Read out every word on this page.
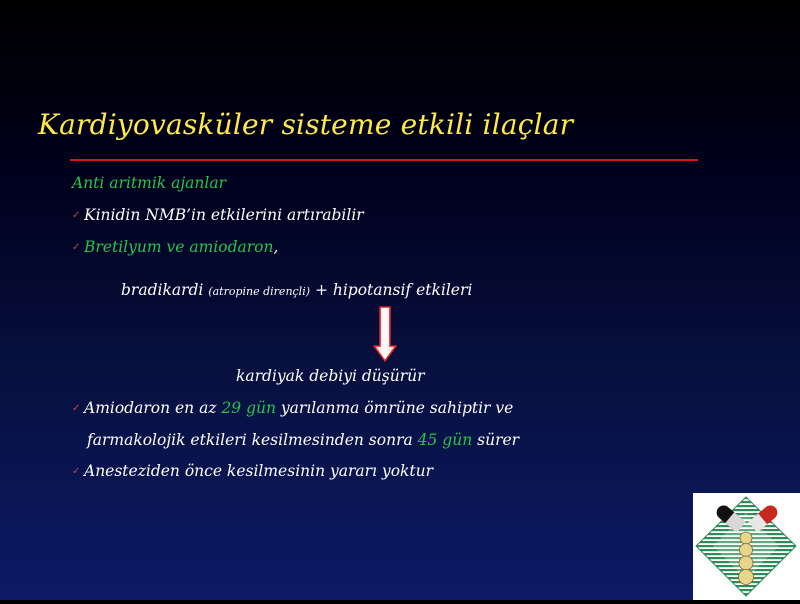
Kardiyovasküler sisteme etkili ilaçlar
Anti aritmik ajanlar
✓ Kinidin NMB’in etkilerini artırabilir
✓ Bretilyum ve amiodaron,
bradikardi (atropine dirençli) + hipotansif etkileri
kardiyak debiyi düşürür
✓ Amiodaron en az 29 gün yarılanma ömrüne sahiptir ve
farmakolojik etkileri kesilmesinden sonra 45 gün sürer
✓ Anesteziden önce kesilmesinin yararı yoktur
